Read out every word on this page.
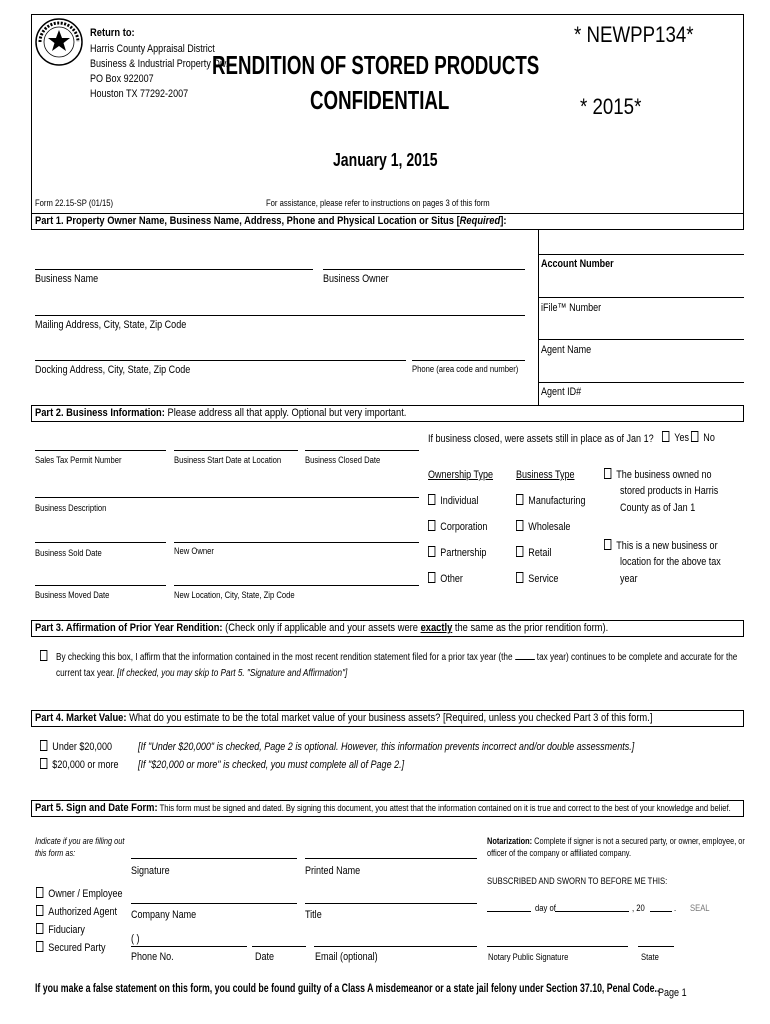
Return to:
Harris County Appraisal District
Business & Industrial Property Div.
PO Box 922007
Houston TX 77292-2007
RENDITION OF STORED PRODUCTS
CONFIDENTIAL
* NEWPP134*
* 2015*
January 1, 2015
Form 22.15-SP (01/15)	For assistance, please refer to instructions on pages 3 of this form
Part 1. Property Owner Name, Business Name, Address, Phone and Physical Location or Situs [Required]:
Account Number
iFile™ Number
Agent Name
Agent ID#
Business Name	Business Owner
Mailing Address, City, State, Zip Code
Docking Address, City, State, Zip Code	Phone (area code and number)
Part 2. Business Information: Please address all that apply. Optional but very important.
If business closed, were assets still in place as of Jan 1?	Yes	No
Sales Tax Permit Number	Business Start Date at Location	Business Closed Date
Business Description
Business Sold Date	New Owner
Business Moved Date	New Location, City, State, Zip Code
Ownership Type Business Type
Individual
Corporation
Partnership
Other
Manufacturing
Wholesale
Retail
Service
The business owned no
stored products in Harris
County as of Jan 1
This is a new business or
location for the above tax
year
Part 3. Affirmation of Prior Year Rendition: (Check only if applicable and your assets were exactly the same as the prior rendition form).
By checking this box, I affirm that the information contained in the most recent rendition statement filed for a prior tax year (the tax year) continues to be complete and accurate for the
current tax year. [If checked, you may skip to Part 5. "Signature and Affirmation"]
Part 4. Market Value: What do you estimate to be the total market value of your business assets? [Required, unless you checked Part 3 of this form.]
Under $20,000
$20,000 or more
[If "Under $20,000" is checked, Page 2 is optional. However, this information prevents incorrect and/or double assessments.]
[If "$20,000 or more" is checked, you must complete all of Page 2.]
Part 5. Sign and Date Form: This form must be signed and dated. By signing this document, you attest that the information contained on it is true and correct to the best of your knowledge and belief.
Indicate if you are filling out
this form as:
Signature	Printed Name
Owner / Employee
Authorized Agent
Fiduciary
Secured Party
Company Name	Title
( )
Phone No.	Date	Email (optional)
Notarization: Complete if signer is not a secured party, or owner, employee, or
officer of the company or affiliated company.
SUBSCRIBED AND SWORN TO BEFORE ME THIS:
day of	, 20	. SEAL
Notary Public Signature	State
If you make a false statement on this form, you could be found guilty of a Class A misdemeanor or a state jail felony under Section 37.10, Penal Code..
Page 1
